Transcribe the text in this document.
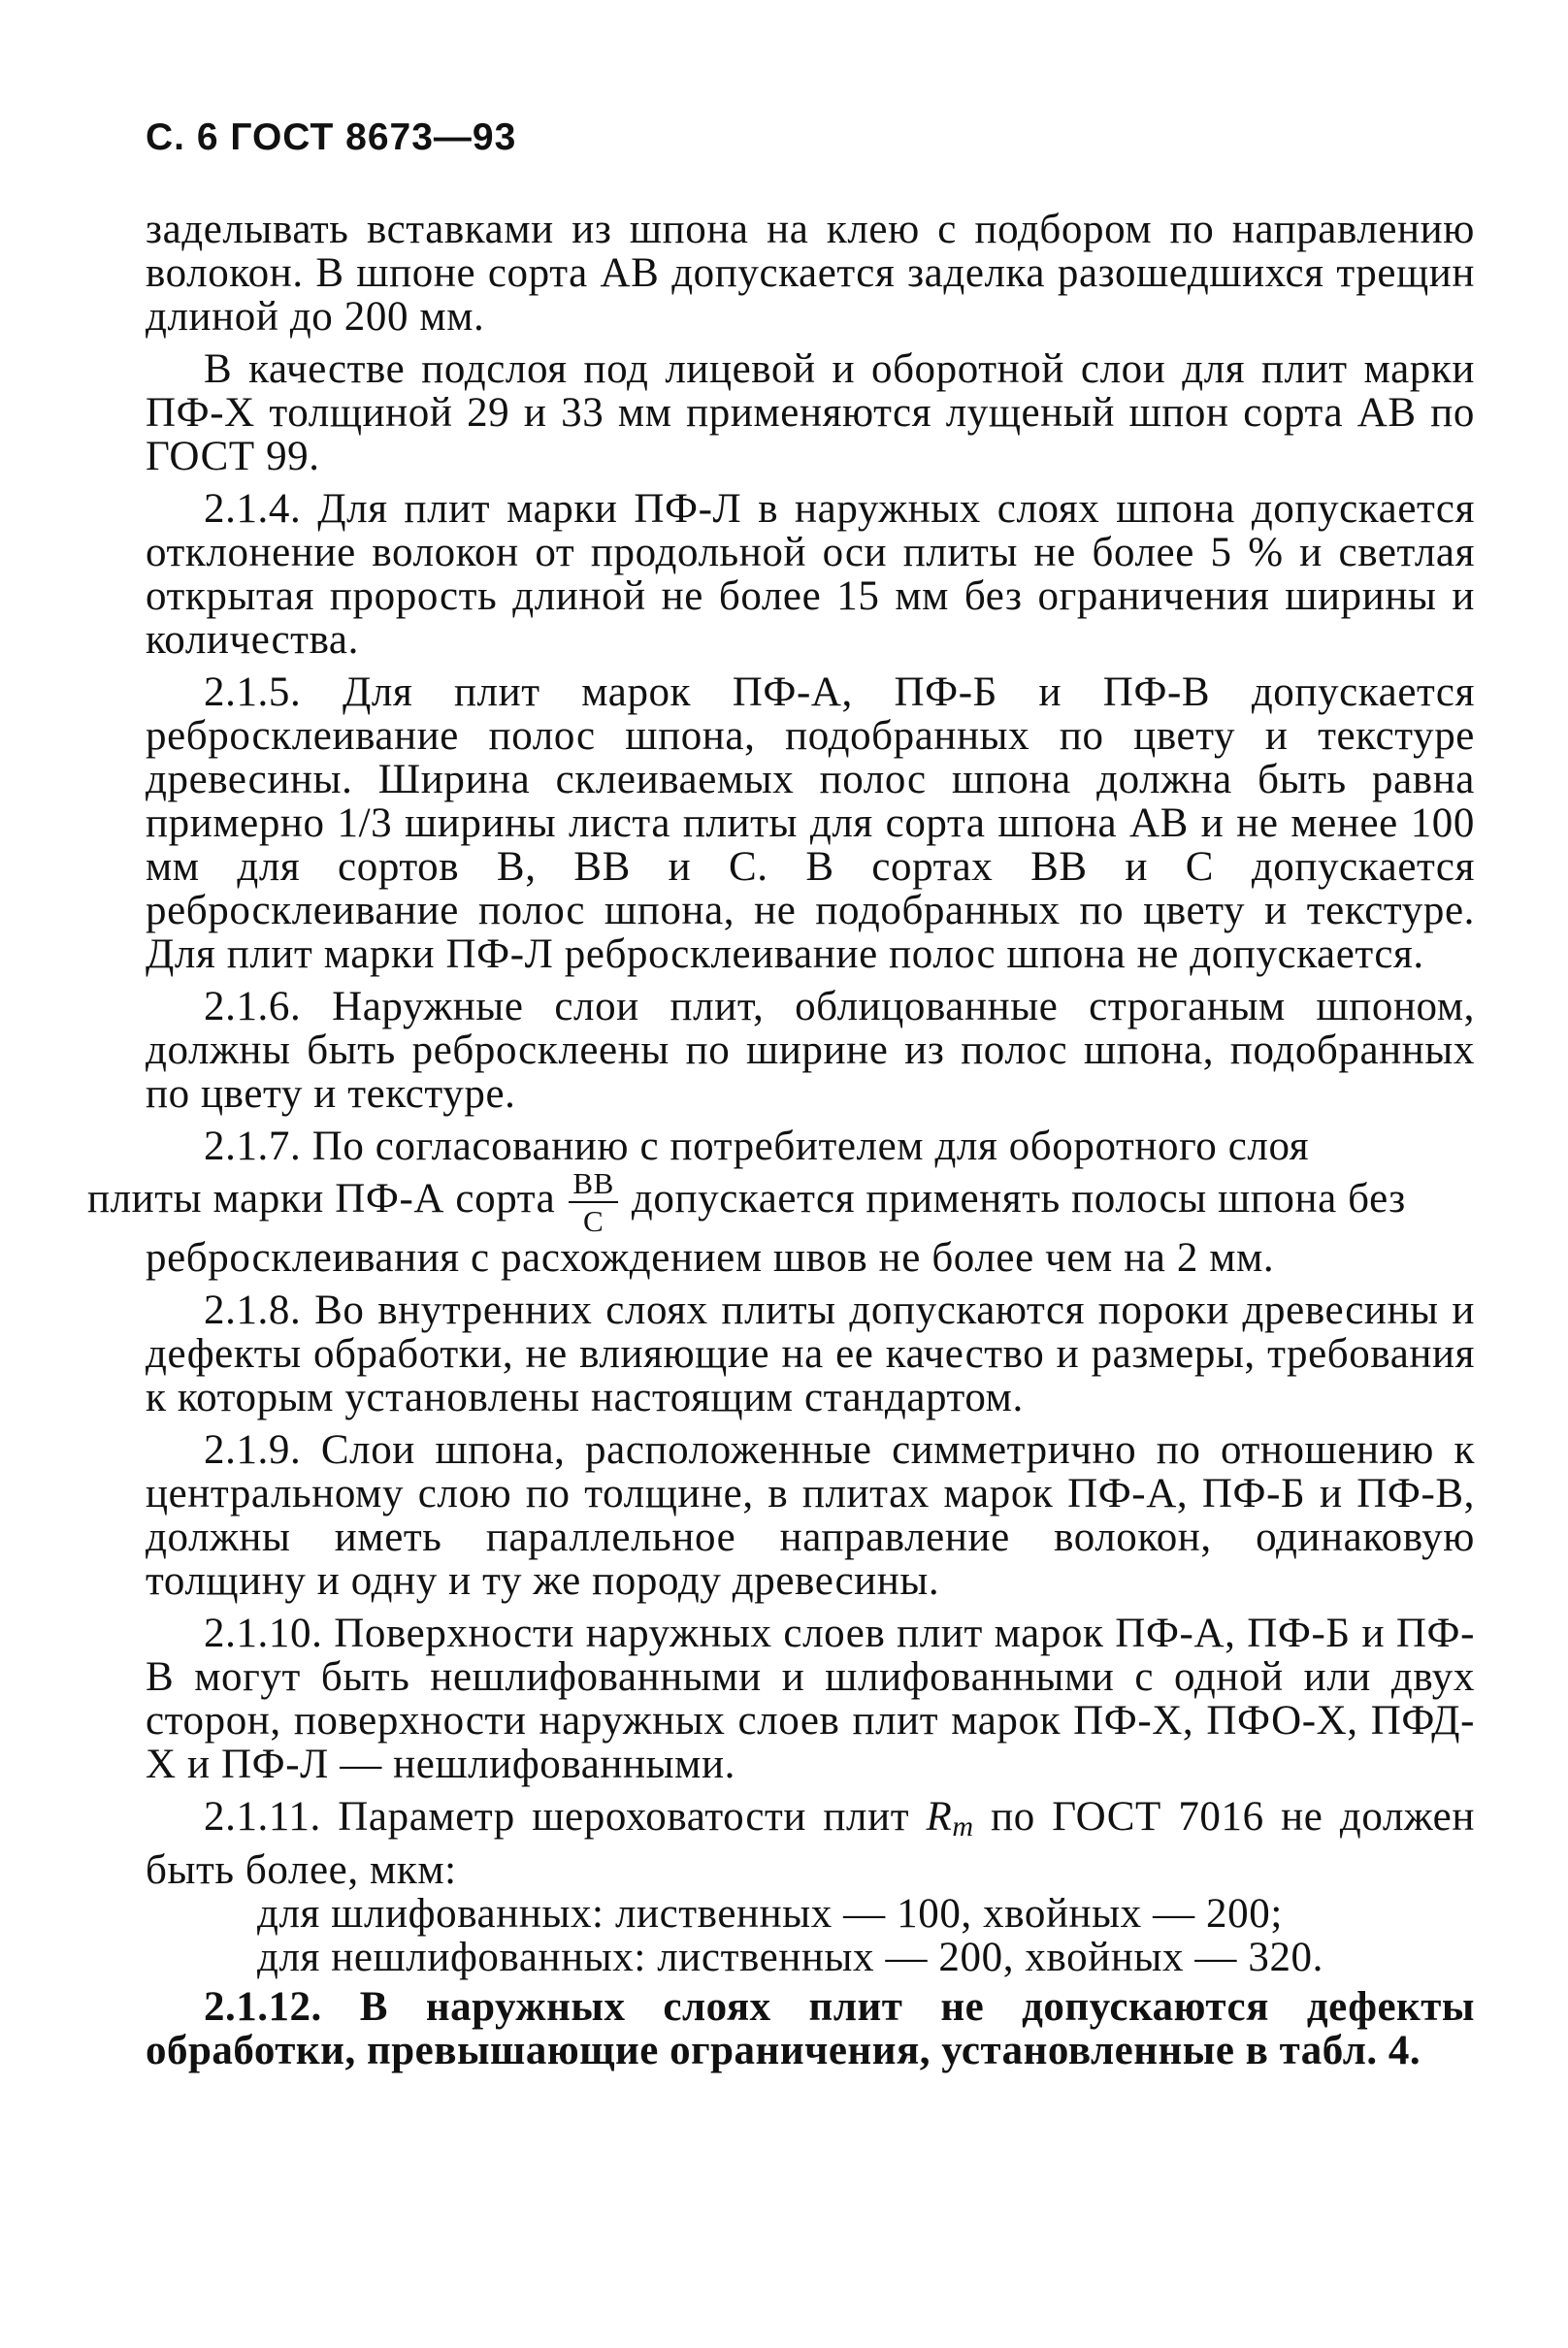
С. 6 ГОСТ 8673—93

заделывать вставками из шпона на клею с подбором по направлению волокон. В шпоне сорта АВ допускается заделка разошедшихся трещин длиной до 200 мм.

В качестве подслоя под лицевой и оборотной слои для плит марки ПФ-Х толщиной 29 и 33 мм применяются лущеный шпон сорта АВ по ГОСТ 99.

2.1.4. Для плит марки ПФ-Л в наружных слоях шпона допускается отклонение волокон от продольной оси плиты не более 5 % и светлая открытая прорость длиной не более 15 мм без ограничения ширины и количества.

2.1.5. Для плит марок ПФ-А, ПФ-Б и ПФ-В допускается ребросклеивание полос шпона, подобранных по цвету и текстуре древесины. Ширина склеиваемых полос шпона должна быть равна примерно 1/3 ширины листа плиты для сорта шпона АВ и не менее 100 мм для сортов В, ВВ и С. В сортах ВВ и С допускается ребросклеивание полос шпона, не подобранных по цвету и текстуре. Для плит марки ПФ-Л ребросклеивание полос шпона не допускается.

2.1.6. Наружные слои плит, облицованные строганым шпоном, должны быть ребросклеены по ширине из полос шпона, подобранных по цвету и текстуре.

2.1.7. По согласованию с потребителем для оборотного слоя
плиты марки ПФ-А сорта $\frac{ВВ}{С}$ допускается применять полосы шпона без ребросклеивания с расхождением швов не более чем на 2 мм.

2.1.8. Во внутренних слоях плиты допускаются пороки древесины и дефекты обработки, не влияющие на ее качество и размеры, требования к которым установлены настоящим стандартом.

2.1.9. Слои шпона, расположенные симметрично по отношению к центральному слою по толщине, в плитах марок ПФ-А, ПФ-Б и ПФ-В, должны иметь параллельное направление волокон, одинаковую толщину и одну и ту же породу древесины.

2.1.10. Поверхности наружных слоев плит марок ПФ-А, ПФ-Б и ПФ-В могут быть нешлифованными и шлифованными с одной или двух сторон, поверхности наружных слоев плит марок ПФ-Х, ПФО-Х, ПФД-Х и ПФ-Л — нешлифованными.

2.1.11. Параметр шероховатости плит $R_m$ по ГОСТ 7016 не должен быть более, мкм:
для шлифованных: лиственных — 100, хвойных — 200;
для нешлифованных: лиственных — 200, хвойных — 320.

2.1.12. В наружных слоях плит не допускаются дефекты обработки, превышающие ограничения, установленные в табл. 4.
